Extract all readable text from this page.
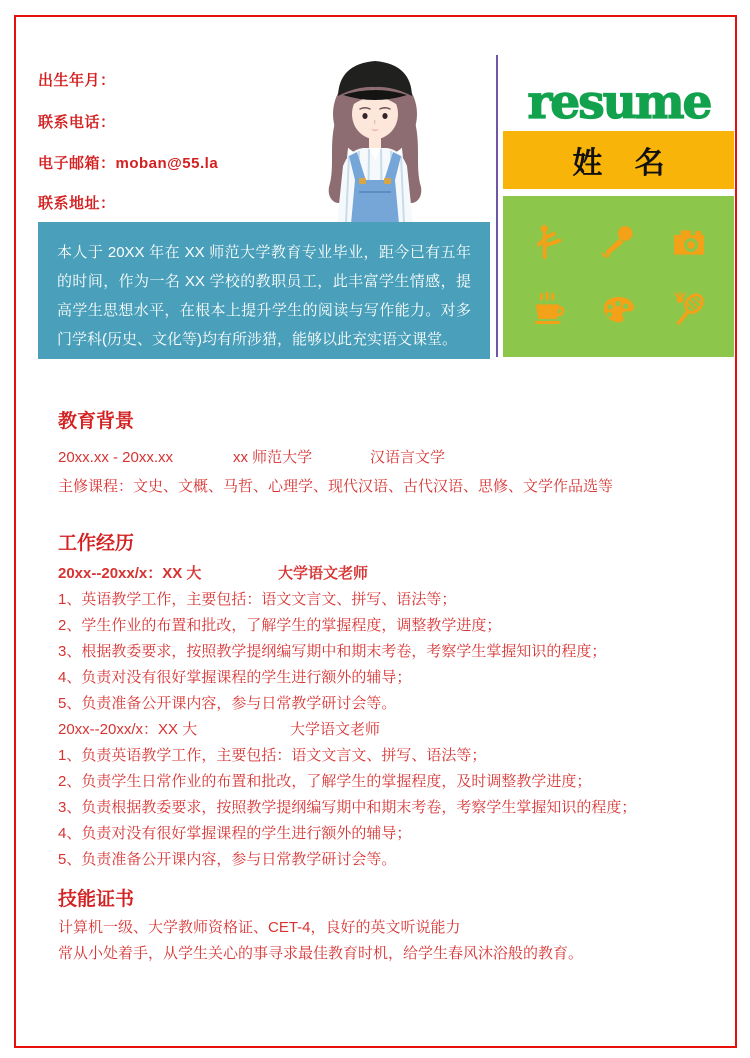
出生年月：
联系电话：
电子邮箱：moban@55.la
联系地址：
resume
姓 名
本人于 20XX 年在 XX 师范大学教育专业毕业，距今已有五年的时间，作为一名 XX 学校的教职员工，此丰富学生情感，提高学生思想水平，在根本上提升学生的阅读与写作能力。对多门学科(历史、文化等)均有所涉猎，能够以此充实语文课堂。
教育背景
20xx.xx - 20xx.xx	xx 师范大学	汉语言文学
主修课程：文史、文概、马哲、心理学、现代汉语、古代汉语、思修、文学作品选等
工作经历
20xx--20xx/x：XX 大	大学语文老师
1、英语教学工作，主要包括：语文文言文、拼写、语法等；
2、学生作业的布置和批改，了解学生的掌握程度，调整教学进度；
3、根据教委要求，按照教学提纲编写期中和期末考卷，考察学生掌握知识的程度；
4、负责对没有很好掌握课程的学生进行额外的辅导；
5、负责准备公开课内容，参与日常教学研讨会等。
20xx--20xx/x：XX 大	大学语文老师
1、负责英语教学工作，主要包括：语文文言文、拼写、语法等；
2、负责学生日常作业的布置和批改，了解学生的掌握程度，及时调整教学进度；
3、负责根据教委要求，按照教学提纲编写期中和期末考卷，考察学生掌握知识的程度；
4、负责对没有很好掌握课程的学生进行额外的辅导；
5、负责准备公开课内容，参与日常教学研讨会等。
技能证书
计算机一级、大学教师资格证、CET-4，良好的英文听说能力
常从小处着手，从学生关心的事寻求最佳教育时机，给学生春风沐浴般的教育。
